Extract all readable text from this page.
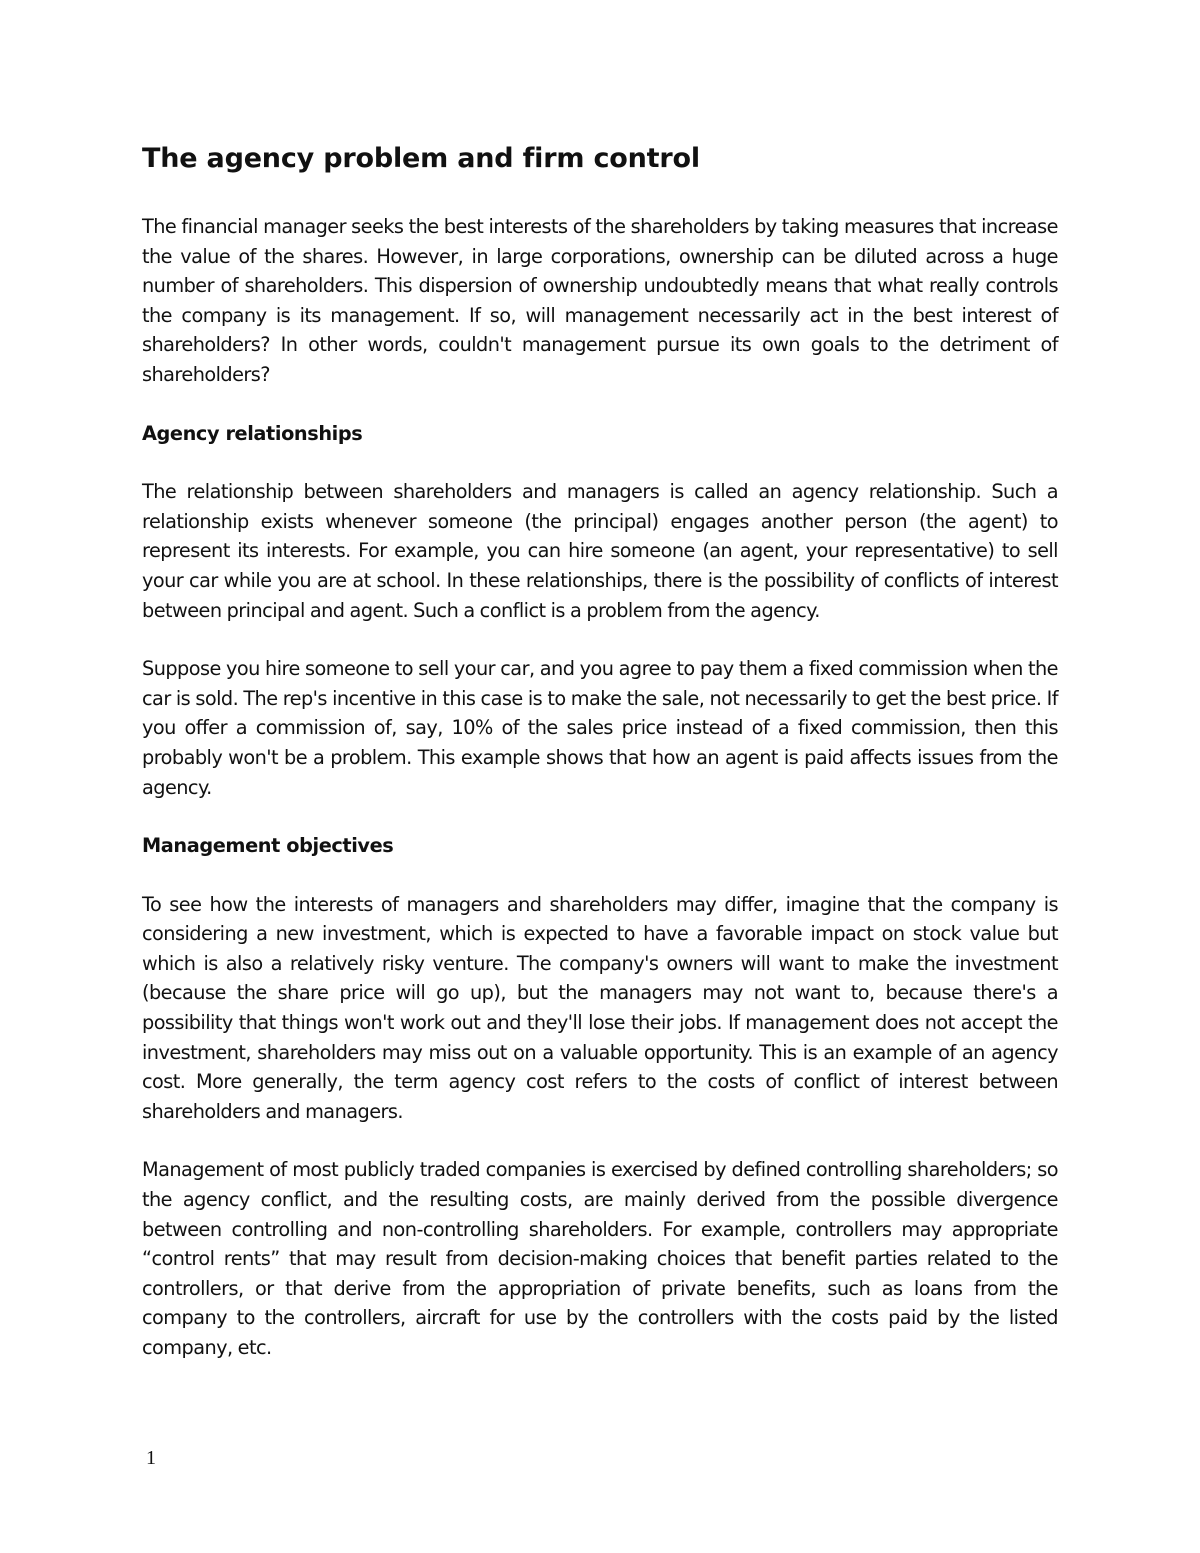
The agency problem and firm control

The financial manager seeks the best interests of the shareholders by taking measures that increase the value of the shares. However, in large corporations, ownership can be diluted across a huge number of shareholders. This dispersion of ownership undoubtedly means that what really controls the company is its management. If so, will management necessarily act in the best interest of shareholders? In other words, couldn't management pursue its own goals to the detriment of shareholders?

Agency relationships

The relationship between shareholders and managers is called an agency relationship. Such a relationship exists whenever someone (the principal) engages another person (the agent) to represent its interests. For example, you can hire someone (an agent, your representative) to sell your car while you are at school. In these relationships, there is the possibility of conflicts of interest between principal and agent. Such a conflict is a problem from the agency.

Suppose you hire someone to sell your car, and you agree to pay them a fixed commission when the car is sold. The rep's incentive in this case is to make the sale, not necessarily to get the best price. If you offer a commission of, say, 10% of the sales price instead of a fixed commission, then this probably won't be a problem. This example shows that how an agent is paid affects issues from the agency.

Management objectives

To see how the interests of managers and shareholders may differ, imagine that the company is considering a new investment, which is expected to have a favorable impact on stock value but which is also a relatively risky venture. The company's owners will want to make the investment (because the share price will go up), but the managers may not want to, because there's a possibility that things won't work out and they'll lose their jobs. If management does not accept the investment, shareholders may miss out on a valuable opportunity. This is an example of an agency cost. More generally, the term agency cost refers to the costs of conflict of interest between shareholders and managers.

Management of most publicly traded companies is exercised by defined controlling shareholders; so the agency conflict, and the resulting costs, are mainly derived from the possible divergence between controlling and non-controlling shareholders. For example, controllers may appropriate “control rents” that may result from decision-making choices that benefit parties related to the controllers, or that derive from the appropriation of private benefits, such as loans from the company to the controllers, aircraft for use by the controllers with the costs paid by the listed company, etc.

1
